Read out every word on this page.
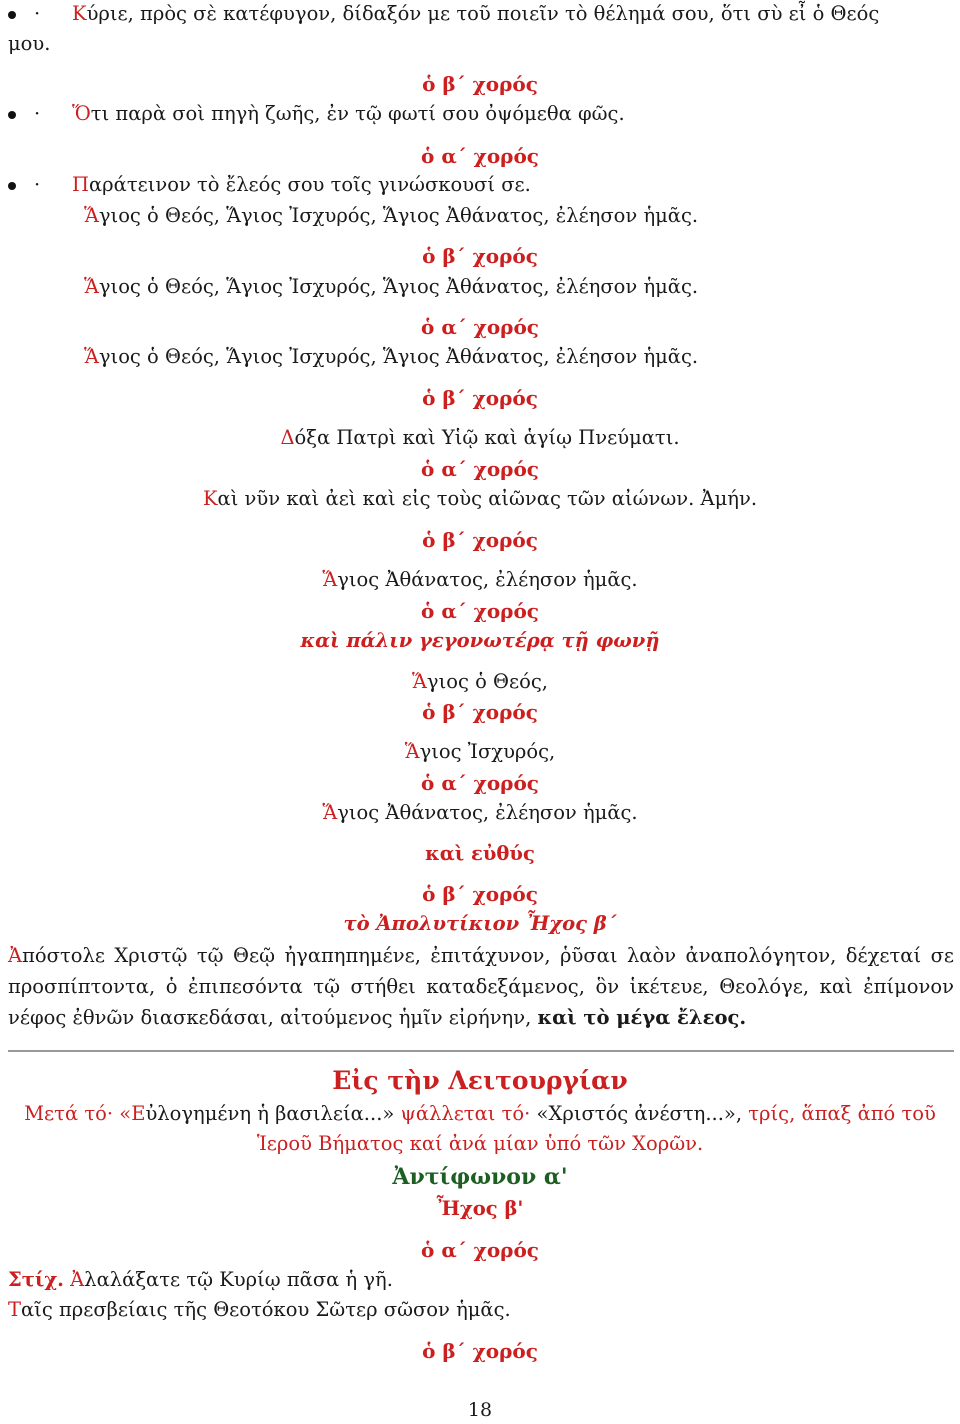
· Κύριε, πρὸς σὲ κατέφυγον, δίδαξόν με τοῦ ποιεῖν τὸ θέλημά σου, ὅτι σὺ εἶ ὁ Θεός
μου.
ὁ β΄ χορός
· Ὅτι παρὰ σοὶ πηγὴ ζωῆς, ἐν τῷ φωτί σου ὀψόμεθα φῶς.
ὁ α΄ χορός
· Παράτεινον τὸ ἔλεός σου τοῖς γινώσκουσί σε.
Ἅγιος ὁ Θεός, Ἅγιος Ἰσχυρός, Ἅγιος Ἀθάνατος, ἐλέησον ἡμᾶς.
ὁ β΄ χορός
Ἅγιος ὁ Θεός, Ἅγιος Ἰσχυρός, Ἅγιος Ἀθάνατος, ἐλέησον ἡμᾶς.
ὁ α΄ χορός
Ἅγιος ὁ Θεός, Ἅγιος Ἰσχυρός, Ἅγιος Ἀθάνατος, ἐλέησον ἡμᾶς.
ὁ β΄ χορός
Δόξα Πατρὶ καὶ Υἱῷ καὶ ἁγίῳ Πνεύματι.
ὁ α΄ χορός
Καὶ νῦν καὶ ἀεὶ καὶ εἰς τοὺς αἰῶνας τῶν αἰώνων. Ἀμήν.
ὁ β΄ χορός
Ἅγιος Ἀθάνατος, ἐλέησον ἡμᾶς.
ὁ α΄ χορός
καὶ πάλιν γεγονωτέρᾳ τῇ φωνῇ
Ἅγιος ὁ Θεός,
ὁ β΄ χορός
Ἅγιος Ἰσχυρός,
ὁ α΄ χορός
Ἅγιος Ἀθάνατος, ἐλέησον ἡμᾶς.
καὶ εὐθύς
ὁ β΄ χορός
τὸ Ἀπολυτίκιον Ἦχος β΄
Ἀπόστολε Χριστῷ τῷ Θεῷ ἠγαπηπημένε, ἐπιτάχυνον, ῥῦσαι λαὸν ἀναπολόγητον, δέχεταί σε προσπίπτοντα, ὁ ἐπιπεσόντα τῷ στήθει καταδεξάμενος, ὃν ἱκέτευε, Θεολόγε, καὶ ἐπίμονον νέφος ἐθνῶν διασκεδάσαι, αἰτούμενος ἡμῖν εἰρήνην, καὶ τὸ μέγα ἔλεος.
Εἰς τὴν Λειτουργίαν
Μετά τό· «Εὐλογημένη ἡ βασιλεία...» ψάλλεται τό· «Χριστός ἀνέστη...», τρίς, ἅπαξ ἀπό τοῦ
Ἱεροῦ Βήματος καί ἀνά μίαν ὑπό τῶν Χορῶν.
Ἀντίφωνον α'
Ἦχος β'
ὁ α΄ χορός
Στίχ. Ἀλαλάξατε τῷ Κυρίῳ πᾶσα ἡ γῆ.
Ταῖς πρεσβείαις τῆς Θεοτόκου Σῶτερ σῶσον ἡμᾶς.
ὁ β΄ χορός
18
